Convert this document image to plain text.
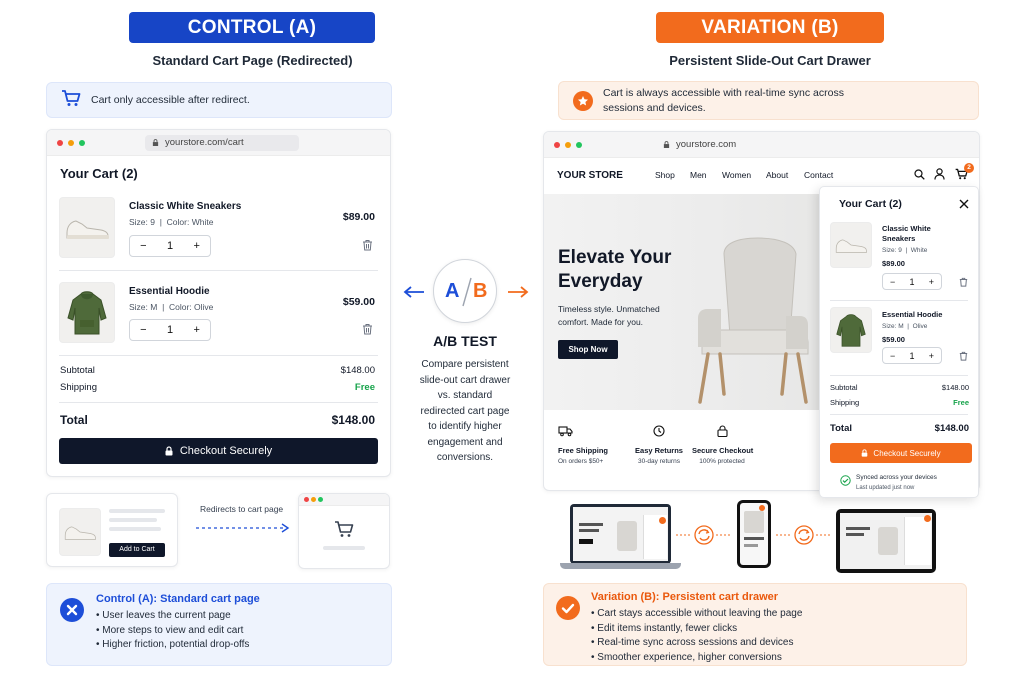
CONTROL (A)
Standard Cart Page (Redirected)
Cart only accessible after redirect.
yourstore.com/cart
Your Cart (2)
Classic White Sneakers
Size: 9  |  Color: White
−	1	+
$89.00
Essential Hoodie
Size: M  |  Color: Olive
−	1	+
$59.00
Subtotal	$148.00
Shipping	Free
Total	$148.00
Checkout Securely
Add to Cart
Redirects to cart page
Control (A): Standard cart page
• User leaves the current page
• More steps to view and edit cart
• Higher friction, potential drop-offs
A B
A/B TEST
Compare persistent slide-out cart drawer vs. standard redirected cart page to identify higher engagement and conversions.
VARIATION (B)
Persistent Slide-Out Cart Drawer
Cart is always accessible with real-time sync across sessions and devices.
yourstore.com
YOUR STORE	Shop Men Women About Contact
2
Elevate Your Everyday
Timeless style. Unmatched comfort. Made for you.
Shop Now
Free Shipping
On orders $50+
Easy Returns
30-day returns
Secure Checkout
100% protected
Your Cart (2)
Classic White Sneakers
Size: 9  |  White
$89.00
−	1	+
Essential Hoodie
Size: M  |  Olive
$59.00
−	1	+
Subtotal	$148.00
Shipping	Free
Total	$148.00
Checkout Securely
Synced across your devices
Last updated just now
Variation (B): Persistent cart drawer
• Cart stays accessible without leaving the page
• Edit items instantly, fewer clicks
• Real-time sync across sessions and devices
• Smoother experience, higher conversions
